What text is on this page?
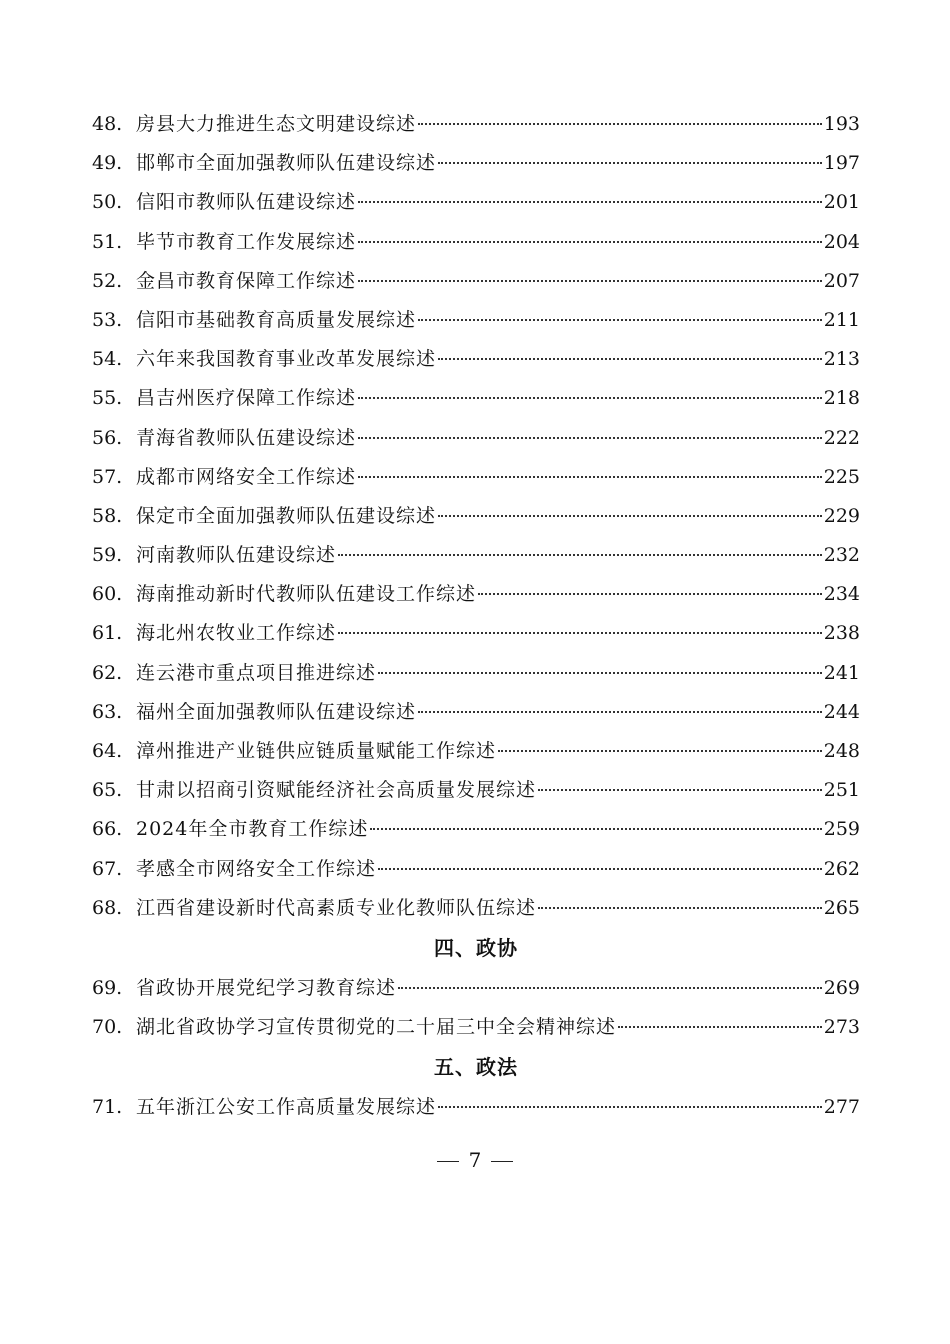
48. 房县大力推进生态文明建设综述	193
49. 邯郸市全面加强教师队伍建设综述	197
50. 信阳市教师队伍建设综述	201
51. 毕节市教育工作发展综述	204
52. 金昌市教育保障工作综述	207
53. 信阳市基础教育高质量发展综述	211
54. 六年来我国教育事业改革发展综述	213
55. 昌吉州医疗保障工作综述	218
56. 青海省教师队伍建设综述	222
57. 成都市网络安全工作综述	225
58. 保定市全面加强教师队伍建设综述	229
59. 河南教师队伍建设综述	232
60. 海南推动新时代教师队伍建设工作综述	234
61. 海北州农牧业工作综述	238
62. 连云港市重点项目推进综述	241
63. 福州全面加强教师队伍建设综述	244
64. 漳州推进产业链供应链质量赋能工作综述	248
65. 甘肃以招商引资赋能经济社会高质量发展综述	251
66. 2024年全市教育工作综述	259
67. 孝感全市网络安全工作综述	262
68. 江西省建设新时代高素质专业化教师队伍综述	265
四、政协
69. 省政协开展党纪学习教育综述	269
70. 湖北省政协学习宣传贯彻党的二十届三中全会精神综述	273
五、政法
71. 五年浙江公安工作高质量发展综述	277
7
